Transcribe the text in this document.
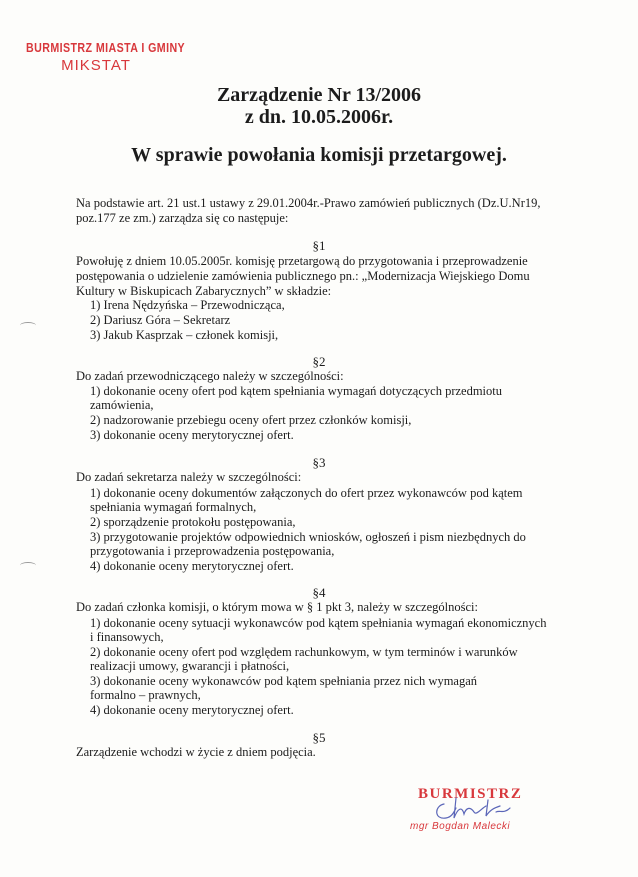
BURMISTRZ MIASTA I GMINY
MIKSTAT
Zarządzenie Nr 13/2006
z dn. 10.05.2006r.
W sprawie powołania komisji przetargowej.
Na podstawie art. 21 ust.1 ustawy z 29.01.2004r.-Prawo zamówień publicznych (Dz.U.Nr19,
poz.177 ze zm.) zarządza się co następuje:
§1
Powołuję z dniem 10.05.2005r. komisję przetargową do przygotowania i przeprowadzenie
postępowania o udzielenie zamówienia publicznego pn.: „Modernizacja Wiejskiego Domu
Kultury w Biskupicach Zabarycznych” w składzie:
1) Irena Nędzyńska – Przewodnicząca,
2) Dariusz Góra – Sekretarz
3) Jakub Kasprzak – członek komisji,
§2
Do zadań przewodniczącego należy w szczególności:
1) dokonanie oceny ofert pod kątem spełniania wymagań dotyczących przedmiotu
zamówienia,
2) nadzorowanie przebiegu oceny ofert przez członków komisji,
3) dokonanie oceny merytorycznej ofert.
§3
Do zadań sekretarza należy w szczególności:
1) dokonanie oceny dokumentów załączonych do ofert przez wykonawców pod kątem
spełniania wymagań formalnych,
2) sporządzenie protokołu postępowania,
3) przygotowanie projektów odpowiednich wniosków, ogłoszeń i pism niezbędnych do
przygotowania i przeprowadzenia postępowania,
4) dokonanie oceny merytorycznej ofert.
§4
Do zadań członka komisji, o którym mowa w § 1 pkt 3, należy w szczególności:
1) dokonanie oceny sytuacji wykonawców pod kątem spełniania wymagań ekonomicznych
i finansowych,
2) dokonanie oceny ofert pod względem rachunkowym, w tym terminów i warunków
realizacji umowy, gwarancji i płatności,
3) dokonanie oceny wykonawców pod kątem spełniania przez nich wymagań
formalno – prawnych,
4) dokonanie oceny merytorycznej ofert.
§5
Zarządzenie wchodzi w życie z dniem podjęcia.
BURMISTRZ
mgr Bogdan Malecki
